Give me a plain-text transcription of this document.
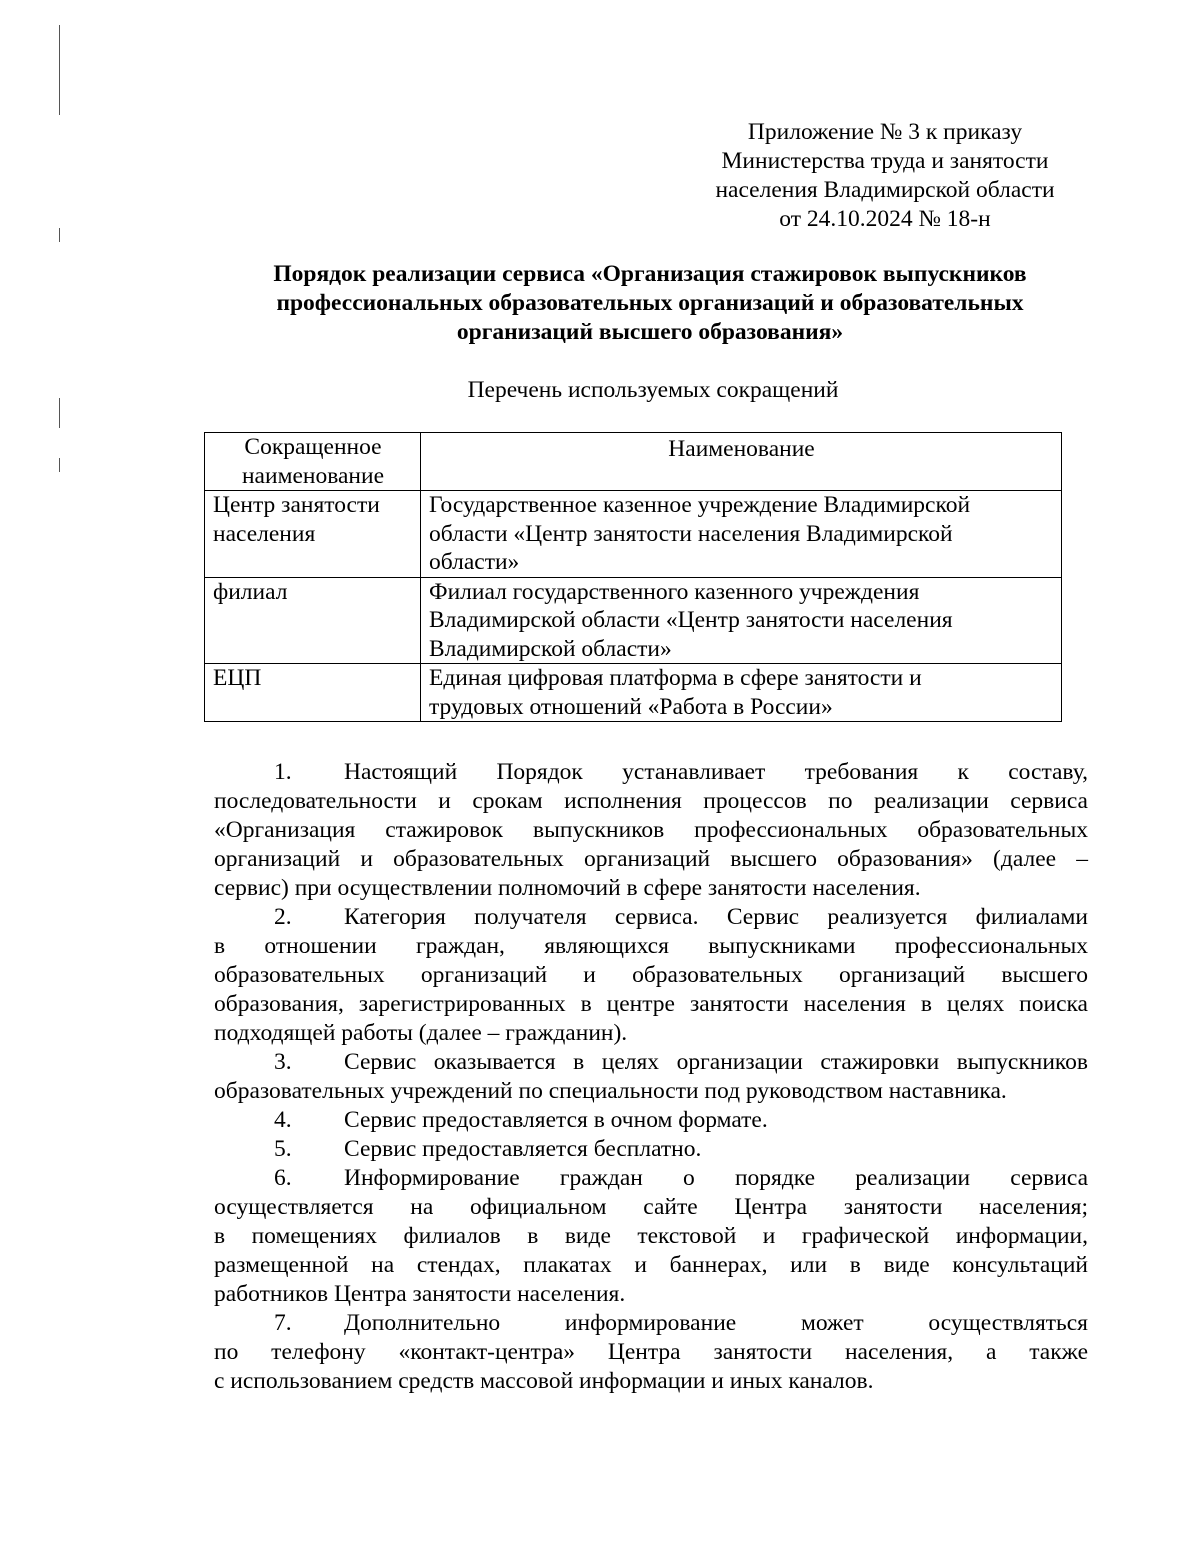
Приложение № 3 к приказу
Министерства труда и занятости
населения Владимирской области
от 24.10.2024 № 18-н
Порядок реализации сервиса «Организация стажировок выпускников
профессиональных образовательных организаций и образовательных
организаций высшего образования»
Перечень используемых сокращений
Сокращенное
наименование	Наименование

Центр занятости
населения	Государственное казенное учреждение Владимирской
области «Центр занятости населения Владимирской
области»

филиал	Филиал государственного казенного учреждения
Владимирской области «Центр занятости населения
Владимирской области»

ЕЦП	Единая цифровая платформа в сфере занятости и
трудовых отношений «Работа в России»
1. Настоящий Порядок устанавливает требования к составу,
последовательности и срокам исполнения процессов по реализации сервиса
«Организация стажировок выпускников профессиональных образовательных
организаций и образовательных организаций высшего образования» (далее –
сервис) при осуществлении полномочий в сфере занятости населения.
2. Категория получателя сервиса. Сервис реализуется филиалами
в отношении граждан, являющихся выпускниками профессиональных
образовательных организаций и образовательных организаций высшего
образования, зарегистрированных в центре занятости населения в целях поиска
подходящей работы (далее – гражданин).
3. Сервис оказывается в целях организации стажировки выпускников
образовательных учреждений по специальности под руководством наставника.
4. Сервис предоставляется в очном формате.
5. Сервис предоставляется бесплатно.
6. Информирование граждан о порядке реализации сервиса
осуществляется на официальном сайте Центра занятости населения;
в помещениях филиалов в виде текстовой и графической информации,
размещенной на стендах, плакатах и баннерах, или в виде консультаций
работников Центра занятости населения.
7. Дополнительно информирование может осуществляться
по телефону «контакт-центра» Центра занятости населения, а также
с использованием средств массовой информации и иных каналов.
